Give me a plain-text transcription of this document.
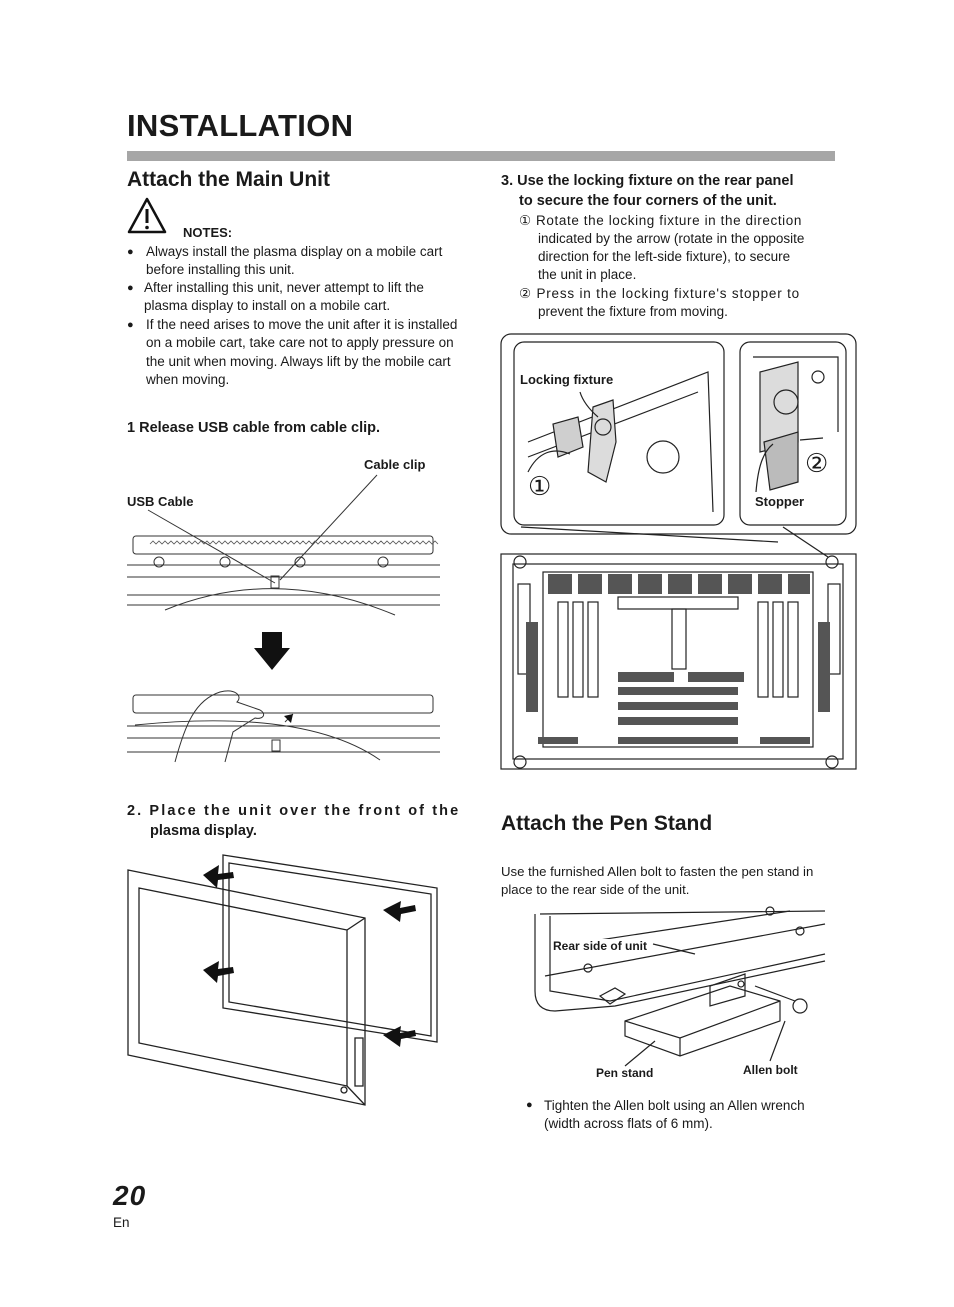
INSTALLATION
Attach the Main Unit
NOTES:
● Always install the plasma display on a mobile cart before installing this unit.
● After installing this unit, never attempt to lift the plasma display to install on a mobile cart.
● If the need arises to move the unit after it is installed on a mobile cart, take care not to apply pressure on the unit when moving. Always lift by the mobile cart when moving.
1 Release USB cable from cable clip.
Cable clip
USB Cable
2. Place the unit over the front of the
plasma display.
3. Use the locking fixture on the rear panel
to secure the four corners of the unit.
① Rotate the locking fixture in the direction
indicated by the arrow (rotate in the opposite
direction for the left-side fixture), to secure
the unit in place.
② Press in the locking fixture's stopper to
prevent the fixture from moving.
Locking fixture
Stopper
①
②
Attach the Pen Stand
Use the furnished Allen bolt to fasten the pen stand in
place to the rear side of the unit.
Rear side of unit
Pen stand	Allen bolt
● Tighten the Allen bolt using an Allen wrench
(width across flats of 6 mm).
20
En
